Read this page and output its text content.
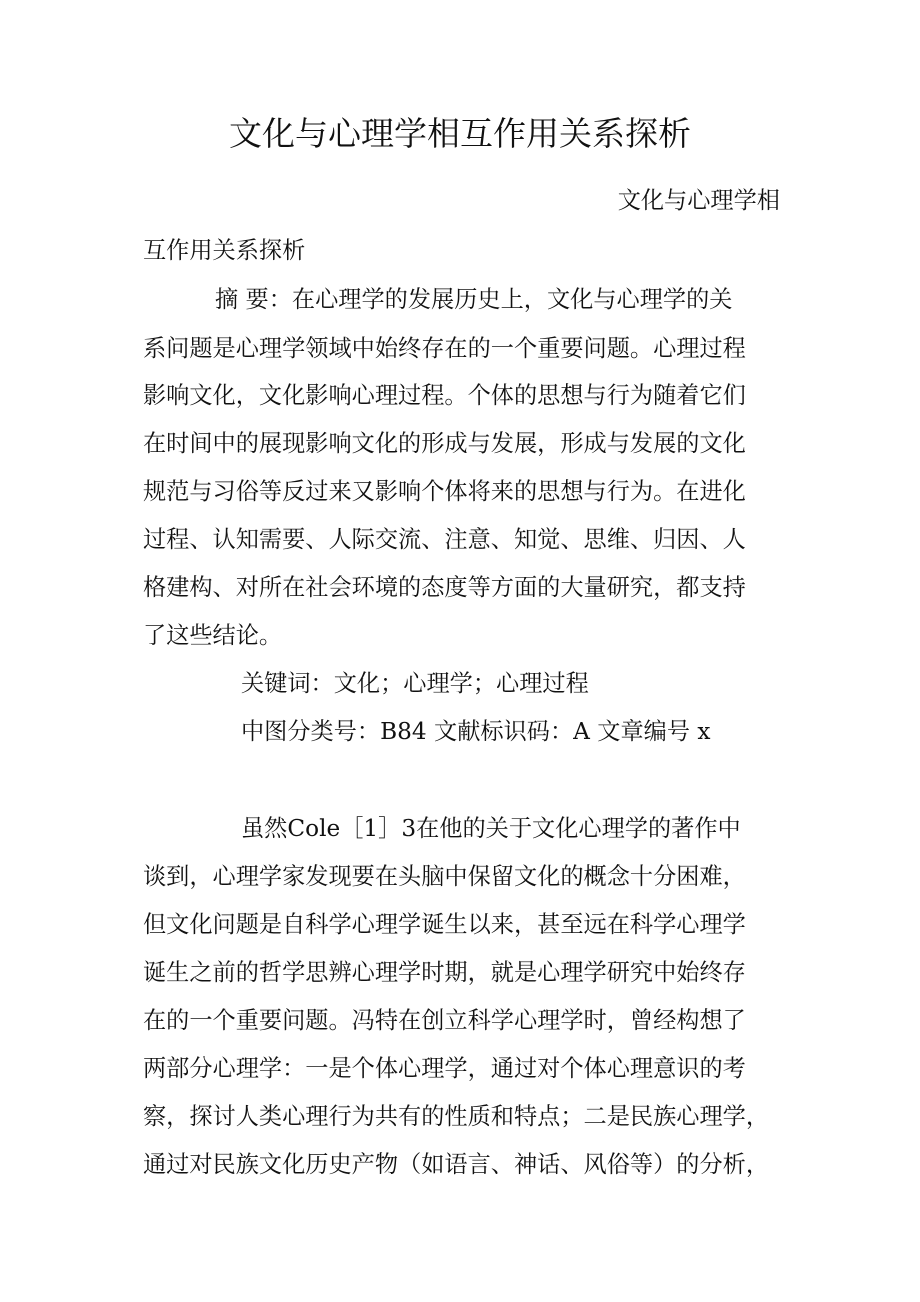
文化与心理学相互作用关系探析
文化与心理学相
互作用关系探析
摘 要：在心理学的发展历史上，文化与心理学的关
系问题是心理学领域中始终存在的一个重要问题。心理过程
影响文化，文化影响心理过程。个体的思想与行为随着它们
在时间中的展现影响文化的形成与发展，形成与发展的文化
规范与习俗等反过来又影响个体将来的思想与行为。在进化
过程、认知需要、人际交流、注意、知觉、思维、归因、人
格建构、对所在社会环境的态度等方面的大量研究，都支持
了这些结论。
关键词：文化；心理学；心理过程
中图分类号：B84 文献标识码：A 文章编号 x
虽然Cole［1］3在他的关于文化心理学的著作中
谈到，心理学家发现要在头脑中保留文化的概念十分困难，
但文化问题是自科学心理学诞生以来，甚至远在科学心理学
诞生之前的哲学思辨心理学时期，就是心理学研究中始终存
在的一个重要问题。冯特在创立科学心理学时，曾经构想了
两部分心理学：一是个体心理学，通过对个体心理意识的考
察，探讨人类心理行为共有的性质和特点；二是民族心理学，
通过对民族文化历史产物（如语言、神话、风俗等）的分析，
